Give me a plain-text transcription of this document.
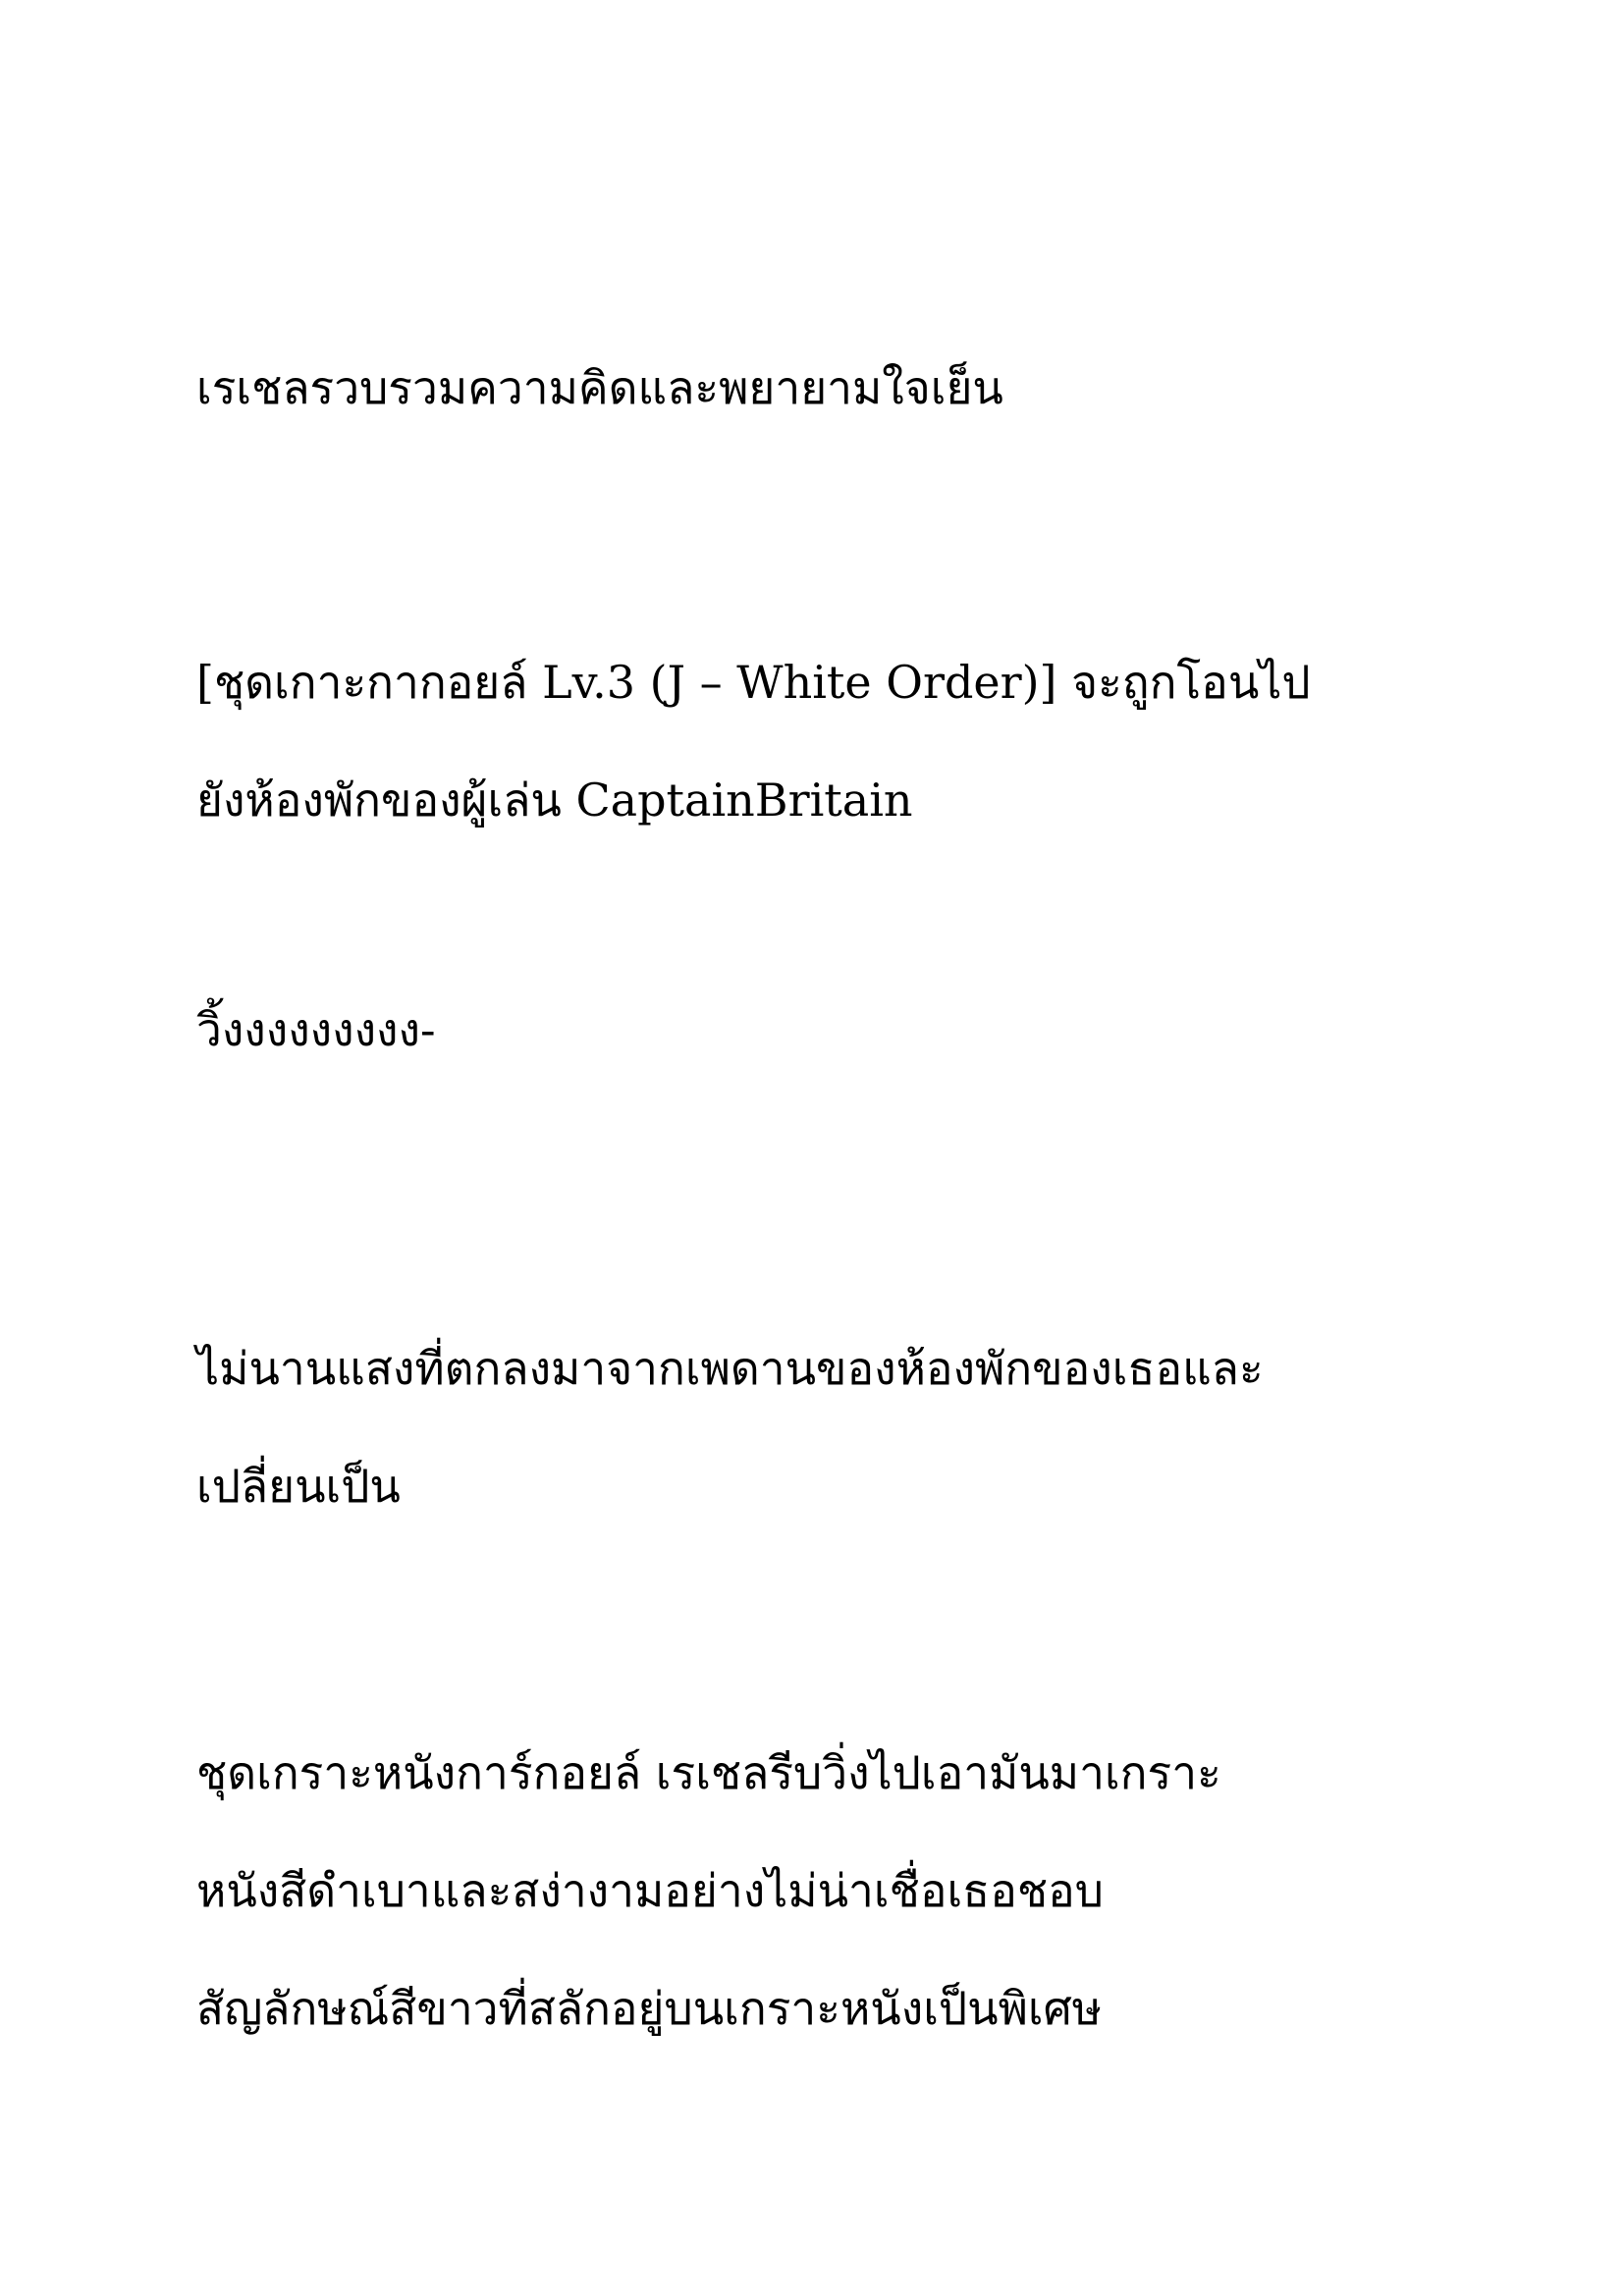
เรเชลรวบรวมความคิดและพยายามใจเย็น

[ชุดเกาะกากอยล์ Lv.3 (J – White Order)] จะถูกโอนไป

ยังห้องพักของผู้เล่น CaptainBritain

วิ้งงงงงงงงง-

ไม่นานแสงที่ตกลงมาจากเพดานของห้องพักของเธอและ

เปลี่ยนเป็น

ชุดเกราะหนังการ์กอยล์ เรเชลรีบวิ่งไปเอามันมาเกราะ

หนังสีดำเบาและสง่างามอย่างไม่น่าเชื่อเธอชอบ

สัญลักษณ์สีขาวที่สลักอยู่บนเกราะหนังเป็นพิเศษ
